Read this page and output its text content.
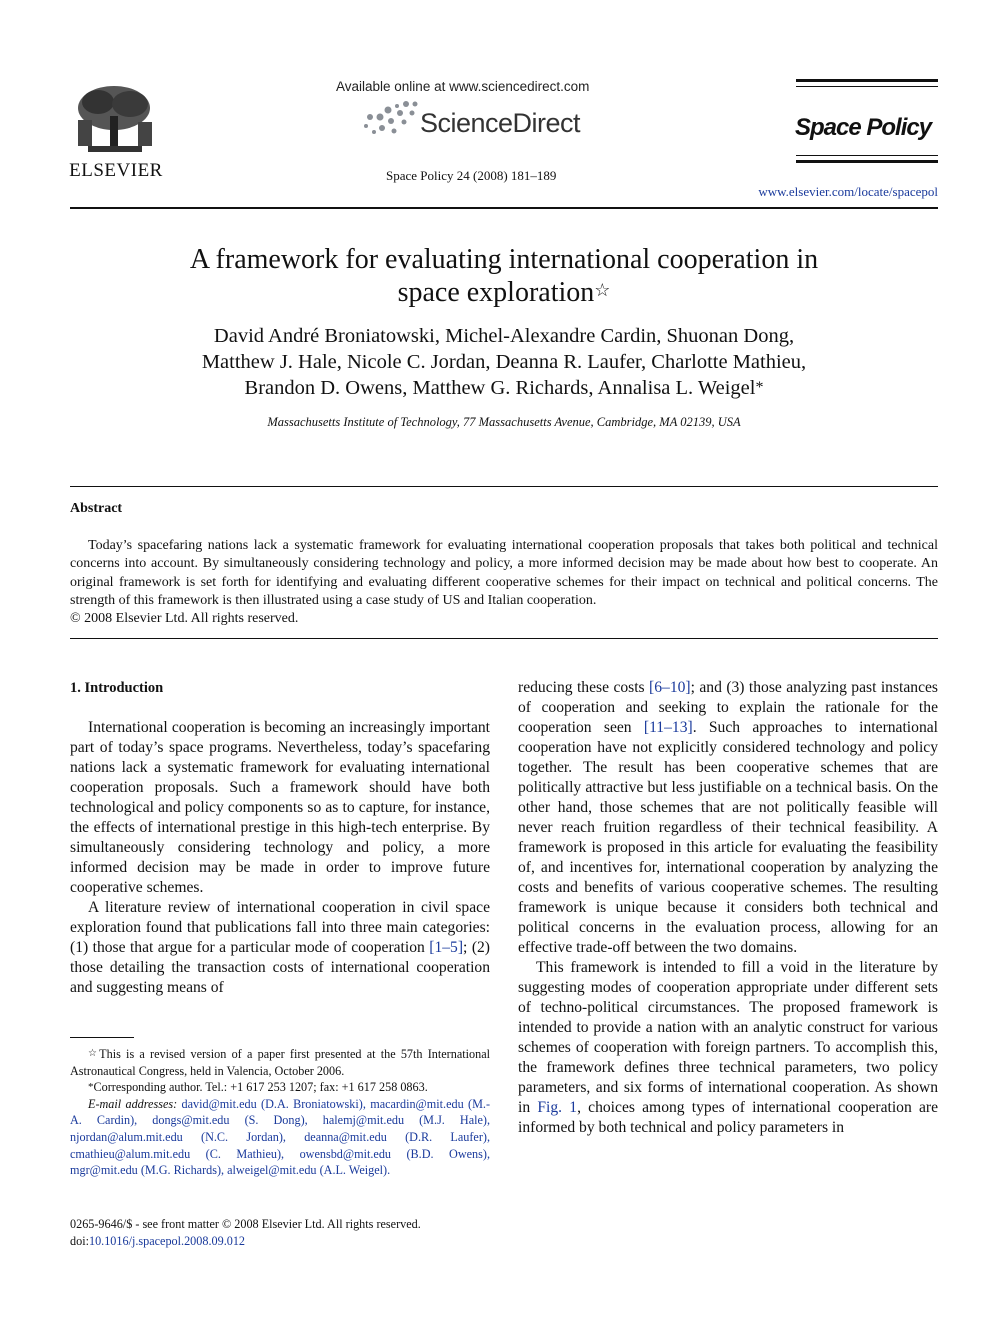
ELSEVIER
Available online at www.sciencedirect.com
ScienceDirect
Space Policy 24 (2008) 181–189
Space Policy
www.elsevier.com/locate/spacepol
A framework for evaluating international cooperation in
space exploration☆
David André Broniatowski, Michel-Alexandre Cardin, Shuonan Dong,
Matthew J. Hale, Nicole C. Jordan, Deanna R. Laufer, Charlotte Mathieu,
Brandon D. Owens, Matthew G. Richards, Annalisa L. Weigel*
Massachusetts Institute of Technology, 77 Massachusetts Avenue, Cambridge, MA 02139, USA
Abstract
Today’s spacefaring nations lack a systematic framework for evaluating international cooperation proposals that takes both political and technical concerns into account. By simultaneously considering technology and policy, a more informed decision may be made about how best to cooperate. An original framework is set forth for identifying and evaluating different cooperative schemes for their impact on technical and political concerns. The strength of this framework is then illustrated using a case study of US and Italian cooperation.
© 2008 Elsevier Ltd. All rights reserved.
1. Introduction

International cooperation is becoming an increasingly important part of today’s space programs. Nevertheless, today’s spacefaring nations lack a systematic framework for evaluating international cooperation proposals. Such a framework should have both technological and policy components so as to capture, for instance, the effects of international prestige in this high-tech enterprise. By simultaneously considering technology and policy, a more informed decision may be made in order to improve future cooperative schemes.

A literature review of international cooperation in civil space exploration found that publications fall into three main categories: (1) those that argue for a particular mode of cooperation [1–5]; (2) those detailing the transaction costs of international cooperation and suggesting means of

☆This is a revised version of a paper first presented at the 57th International Astronautical Congress, held in Valencia, October 2006.

*Corresponding author. Tel.: +1 617 253 1207; fax: +1 617 258 0863.

E-mail addresses: david@mit.edu (D.A. Broniatowski), macardin@mit.edu (M.-A. Cardin), dongs@mit.edu (S. Dong), halemj@mit.edu (M.J. Hale), njordan@alum.mit.edu (N.C. Jordan), deanna@mit.edu (D.R. Laufer), cmathieu@alum.mit.edu (C. Mathieu), owensbd@mit.edu (B.D. Owens), mgr@mit.edu (M.G. Richards), alweigel@mit.edu (A.L. Weigel).

0265-9646/$ - see front matter © 2008 Elsevier Ltd. All rights reserved.
doi:10.1016/j.spacepol.2008.09.012

reducing these costs [6–10]; and (3) those analyzing past instances of cooperation and seeking to explain the rationale for the cooperation seen [11–13]. Such approaches to international cooperation have not explicitly considered technology and policy together. The result has been cooperative schemes that are politically attractive but less justifiable on a technical basis. On the other hand, those schemes that are not politically feasible will never reach fruition regardless of their technical feasibility. A framework is proposed in this article for evaluating the feasibility of, and incentives for, international cooperation by analyzing the costs and benefits of various cooperative schemes. The resulting framework is unique because it considers both technical and political concerns in the evaluation process, allowing for an effective trade-off between the two domains.

This framework is intended to fill a void in the literature by suggesting modes of cooperation appropriate under different sets of techno-political circumstances. The proposed framework is intended to provide a nation with an analytic construct for various schemes of cooperation with foreign partners. To accomplish this, the framework defines three technical parameters, two policy parameters, and six forms of international cooperation. As shown in Fig. 1, choices among types of international cooperation are informed by both technical and policy parameters in
